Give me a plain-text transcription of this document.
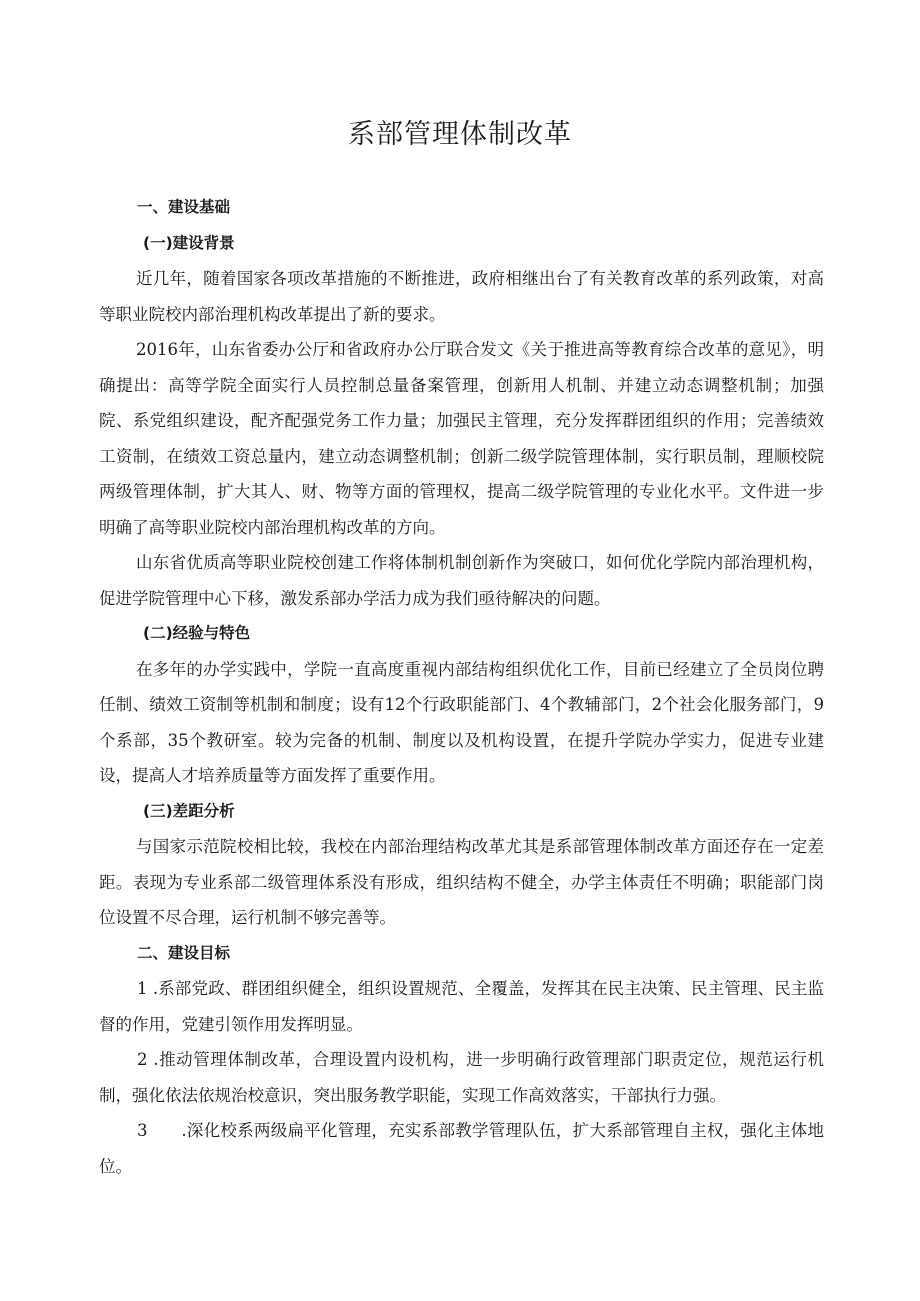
系部管理体制改革
一、建设基础
(一)建设背景

近几年，随着国家各项改革措施的不断推进，政府相继出台了有关教育改革的系列政策，对高等职业院校内部治理机构改革提出了新的要求。

2016年，山东省委办公厅和省政府办公厅联合发文《关于推进高等教育综合改革的意见》，明确提出：高等学院全面实行人员控制总量备案管理，创新用人机制、并建立动态调整机制；加强院、系党组织建设，配齐配强党务工作力量；加强民主管理，充分发挥群团组织的作用；完善绩效工资制，在绩效工资总量内，建立动态调整机制；创新二级学院管理体制，实行职员制，理顺校院两级管理体制，扩大其人、财、物等方面的管理权，提高二级学院管理的专业化水平。文件进一步明确了高等职业院校内部治理机构改革的方向。

山东省优质高等职业院校创建工作将体制机制创新作为突破口，如何优化学院内部治理机构，促进学院管理中心下移，激发系部办学活力成为我们亟待解决的问题。

(二)经验与特色

在多年的办学实践中，学院一直高度重视内部结构组织优化工作，目前已经建立了全员岗位聘任制、绩效工资制等机制和制度；设有12个行政职能部门、4个教辅部门，2个社会化服务部门，9个系部，35个教研室。较为完备的机制、制度以及机构设置，在提升学院办学实力，促进专业建设，提高人才培养质量等方面发挥了重要作用。

(三)差距分析

与国家示范院校相比较，我校在内部治理结构改革尤其是系部管理体制改革方面还存在一定差距。表现为专业系部二级管理体系没有形成，组织结构不健全，办学主体责任不明确；职能部门岗位设置不尽合理，运行机制不够完善等。

二、建设目标

1 .系部党政、群团组织健全，组织设置规范、全覆盖，发挥其在民主决策、民主管理、民主监督的作用，党建引领作用发挥明显。

2 .推动管理体制改革，合理设置内设机构，进一步明确行政管理部门职责定位，规范运行机制，强化依法依规治校意识，突出服务教学职能，实现工作高效落实，干部执行力强。

3　　.深化校系两级扁平化管理，充实系部教学管理队伍，扩大系部管理自主权，强化主体地位。
